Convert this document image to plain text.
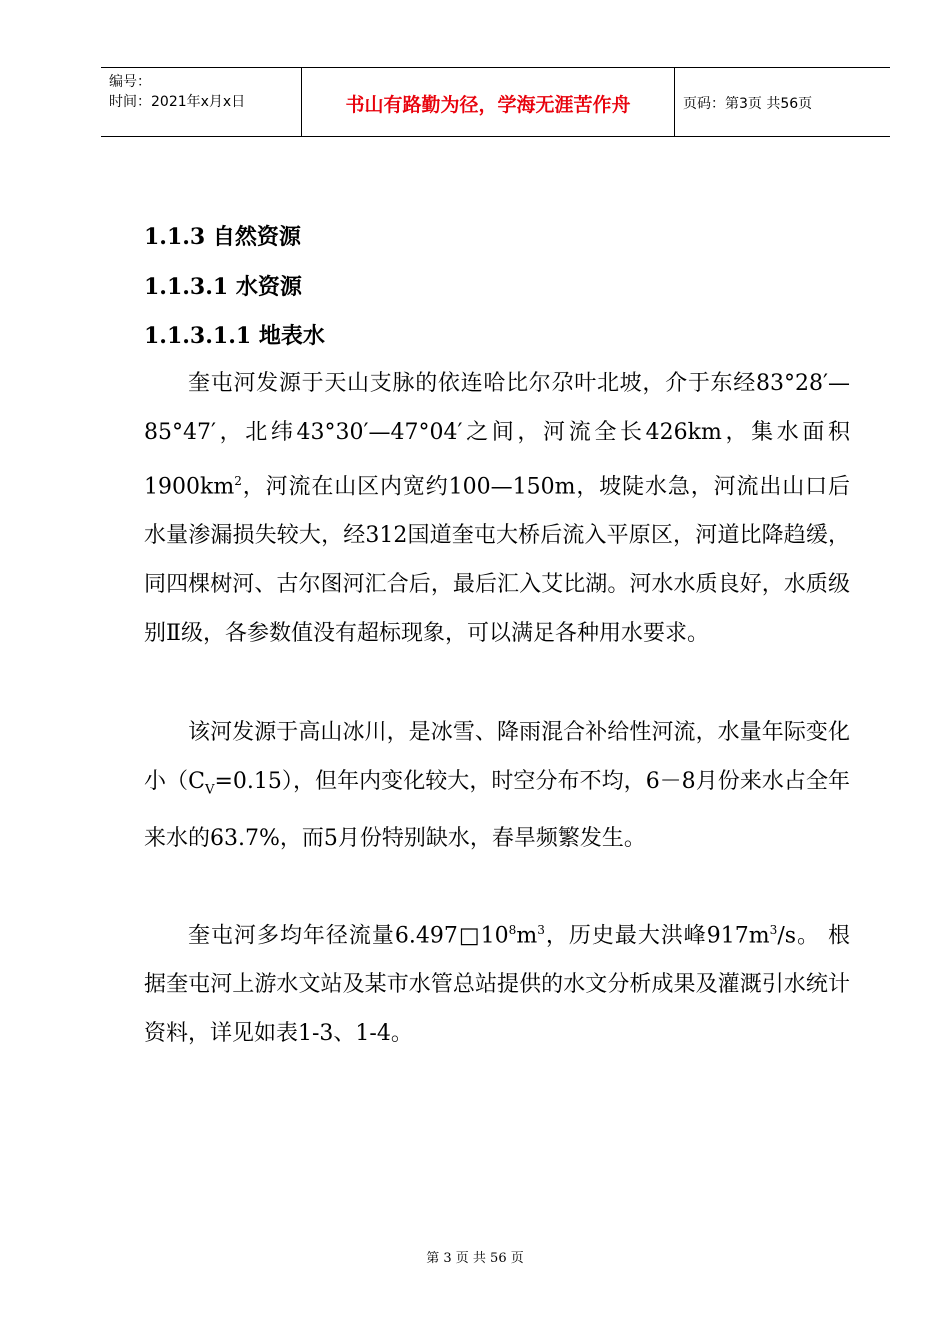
编号：
时间：2021年x月x日	书山有路勤为径，学海无涯苦作舟	页码：第3页 共56页
1.1.3 自然资源
1.1.3.1 水资源
1.1.3.1.1 地表水

奎屯河发源于天山支脉的依连哈比尔尕叶北坡，介于东经83°28′—85°47′，北纬43°30′—47°04′之间，河流全长426km，集水面积$1900km^2$，河流在山区内宽约100—150m，坡陡水急，河流出山口后水量渗漏损失较大，经312国道奎屯大桥后流入平原区，河道比降趋缓，同四棵树河、古尔图河汇合后，最后汇入艾比湖。河水水质良好，水质级别Ⅱ级，各参数值没有超标现象，可以满足各种用水要求。

该河发源于高山冰川，是冰雪、降雨混合补给性河流，水量年际变化小$(C_V=0.15)$，但年内变化较大，时空分布不均，6－8月份来水占全年来水的63.7%，而5月份特别缺水，春旱频繁发生。

奎屯河多均年径流量$6.497□10^8m^3$，历史最大洪峰$917m^3/s$。 根据奎屯河上游水文站及某市水管总站提供的水文分析成果及灌溉引水统计资料，详见如表1-3、1-4。

第 3 页 共 56 页
